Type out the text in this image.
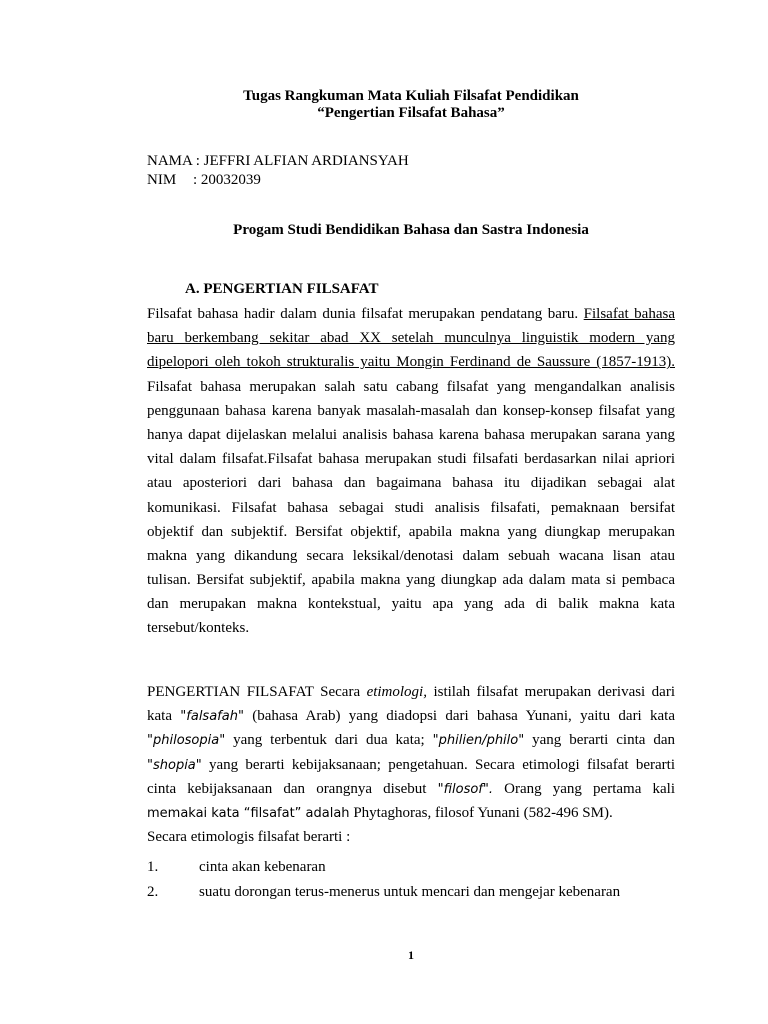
Tugas Rangkuman Mata Kuliah Filsafat Pendidikan
“Pengertian Filsafat Bahasa”
NAMA : JEFFRI ALFIAN ARDIANSYAH
NIM : 20032039
Progam Studi Bendidikan Bahasa dan Sastra Indonesia
A. PENGERTIAN FILSAFAT
Filsafat bahasa hadir dalam dunia filsafat merupakan pendatang baru. Filsafat bahasa
baru berkembang sekitar abad XX setelah munculnya linguistik modern yang
dipelopori oleh tokoh strukturalis yaitu Mongin Ferdinand de Saussure (1857-1913).
Filsafat bahasa merupakan salah satu cabang filsafat yang mengandalkan analisis
penggunaan bahasa karena banyak masalah-masalah dan konsep-konsep filsafat yang
hanya dapat dijelaskan melalui analisis bahasa karena bahasa merupakan sarana yang
vital dalam filsafat.Filsafat bahasa merupakan studi filsafati berdasarkan nilai apriori
atau aposteriori dari bahasa dan bagaimana bahasa itu dijadikan sebagai alat
komunikasi. Filsafat bahasa sebagai studi analisis filsafati, pemaknaan bersifat
objektif dan subjektif. Bersifat objektif, apabila makna yang diungkap merupakan
makna yang dikandung secara leksikal/denotasi dalam sebuah wacana lisan atau
tulisan. Bersifat subjektif, apabila makna yang diungkap ada dalam mata si pembaca
dan merupakan makna kontekstual, yaitu apa yang ada di balik makna kata
tersebut/konteks.
PENGERTIAN FILSAFAT Secara etimologi, istilah filsafat merupakan derivasi dari
kata "falsafah" (bahasa Arab) yang diadopsi dari bahasa Yunani, yaitu dari kata
"philosopia" yang terbentuk dari dua kata; "philien/philo" yang berarti cinta dan
"shopia" yang berarti kebijaksanaan; pengetahuan. Secara etimologi filsafat berarti
cinta kebijaksanaan dan orangnya disebut "filosof". Orang yang pertama kali
memakai kata “filsafat” adalah Phytaghoras, filosof Yunani (582-496 SM).
Secara etimologis filsafat berarti :
1.	cinta akan kebenaran
2.	suatu dorongan terus-menerus untuk mencari dan mengejar kebenaran
1
